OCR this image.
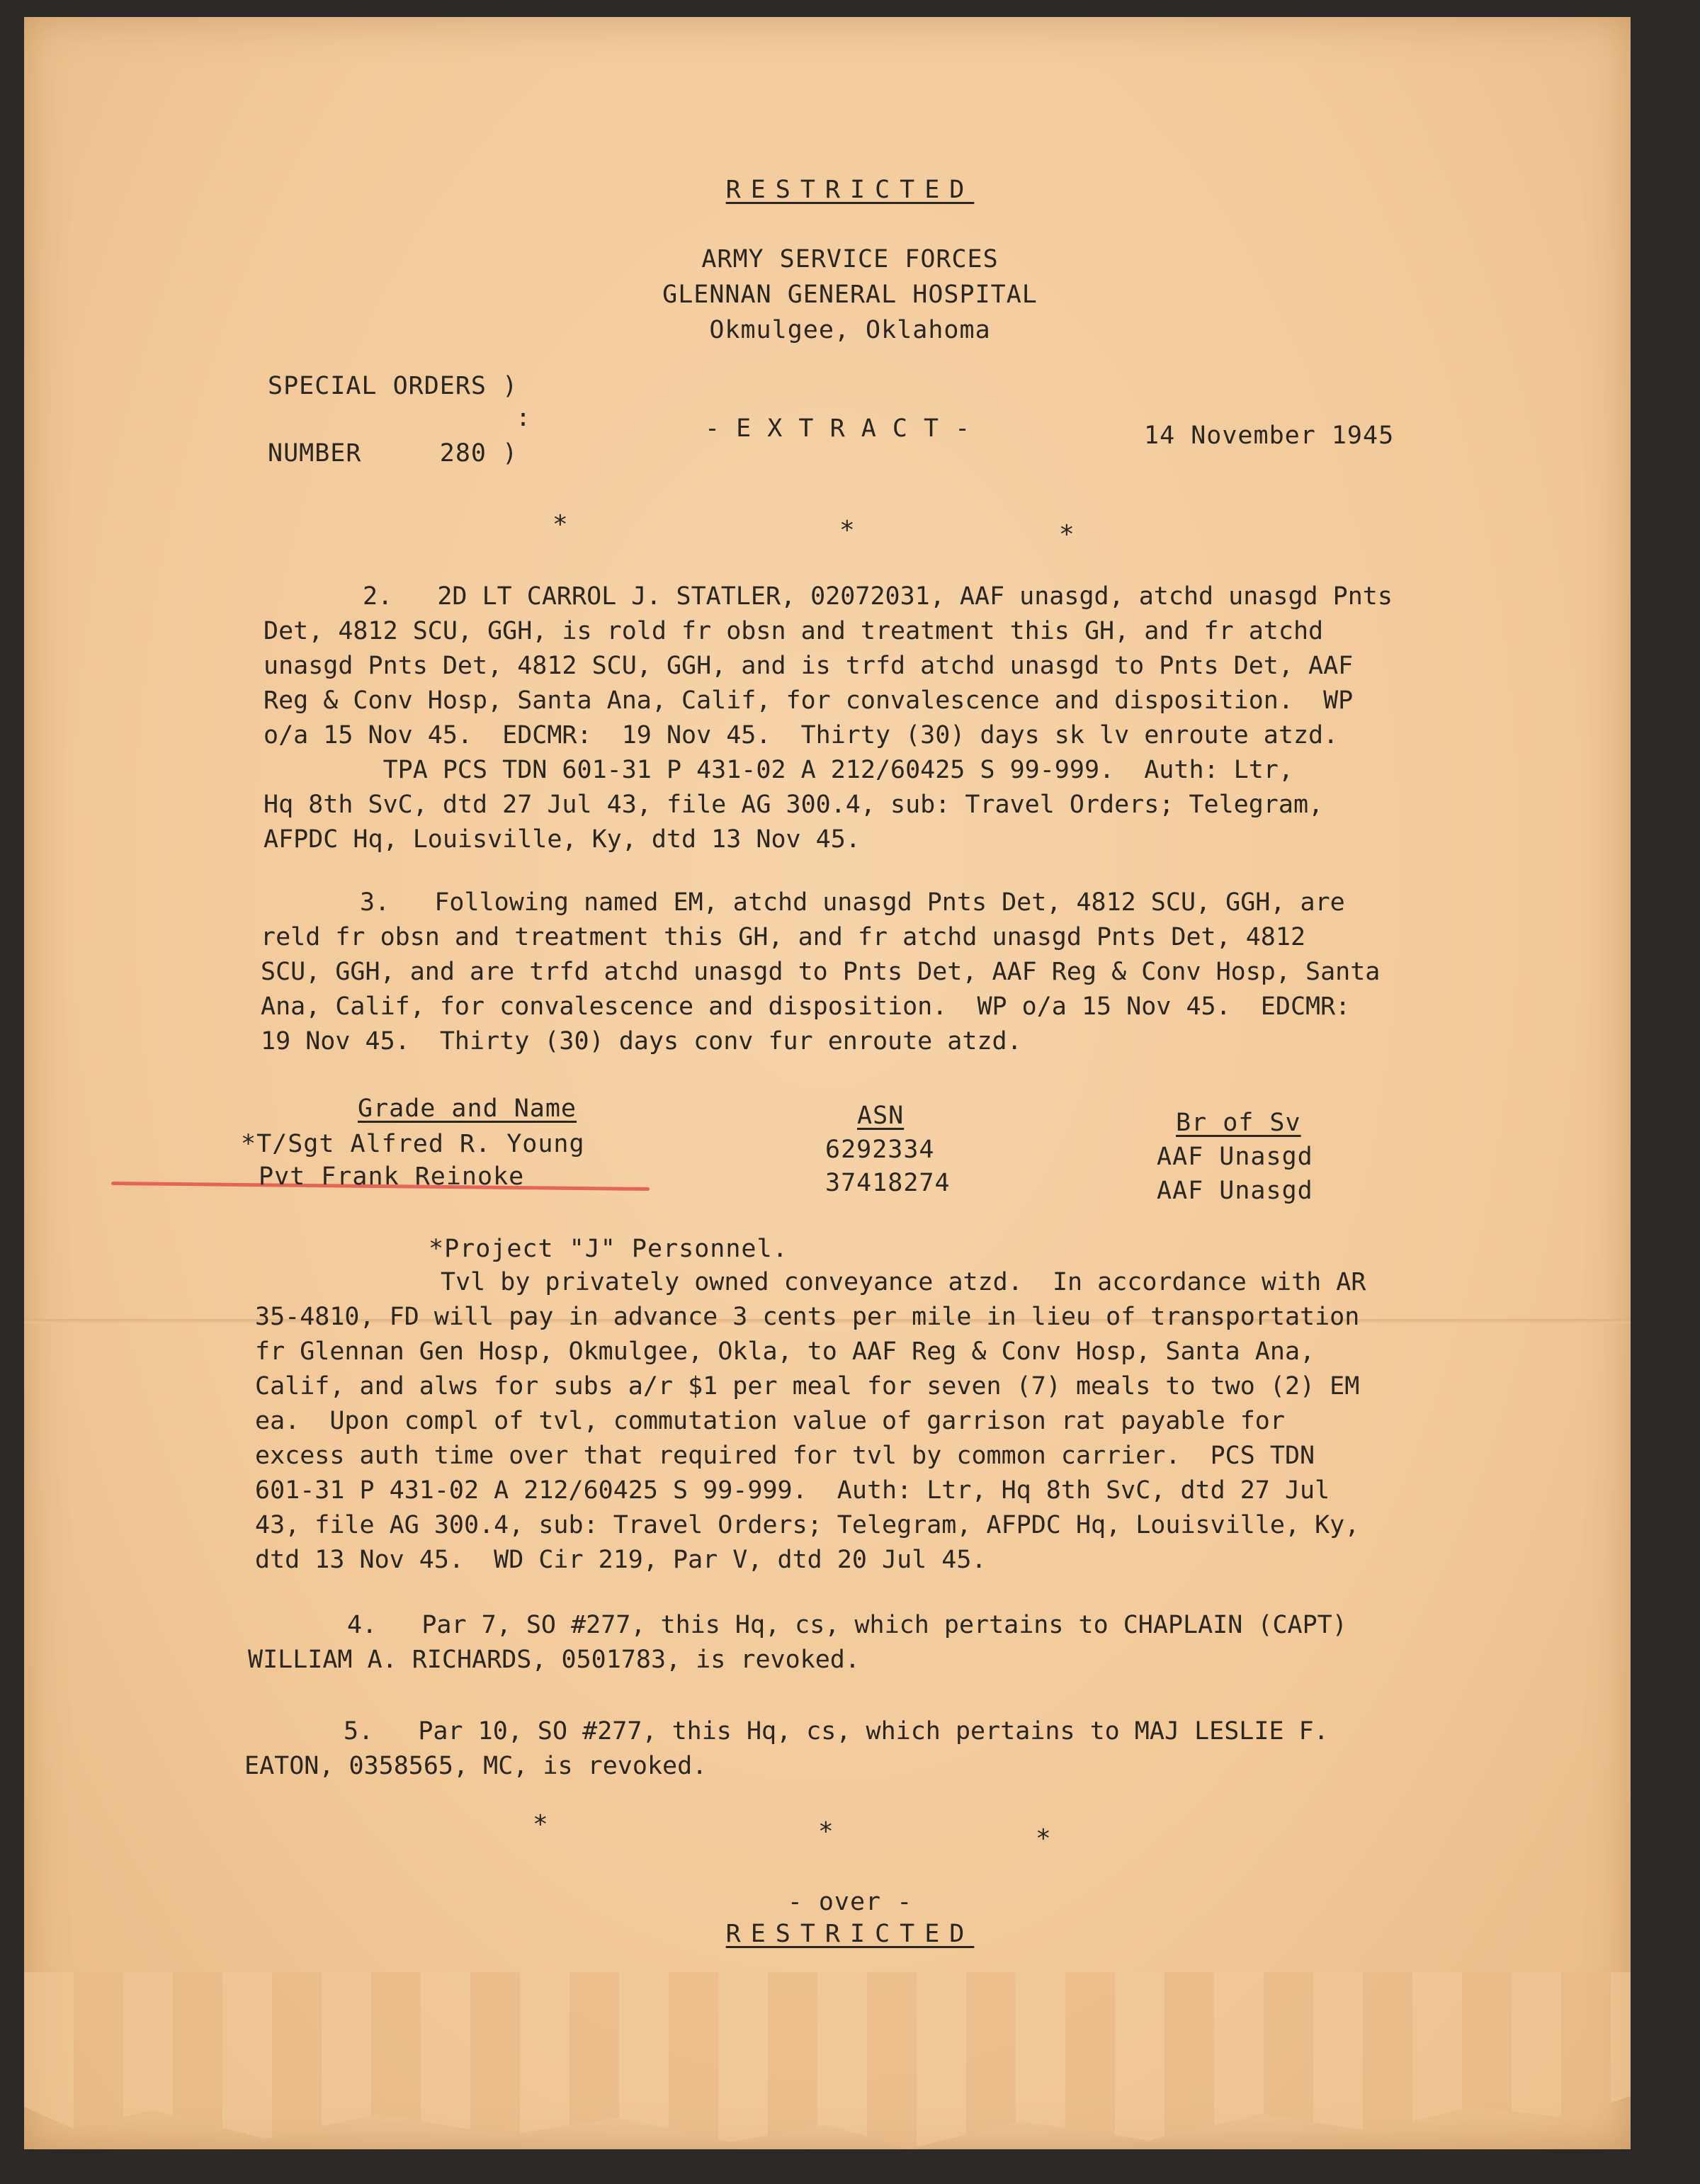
RESTRICTED
ARMY SERVICE FORCES
GLENNAN GENERAL HOSPITAL
Okmulgee, Oklahoma
SPECIAL ORDERS )
:
NUMBER     280 )
- E X T R A C T -	14 November 1945
*	*	*
2.   2D LT CARROL J. STATLER, 02072031, AAF unasgd, atchd unasgd Pnts
Det, 4812 SCU, GGH, is rold fr obsn and treatment this GH, and fr atchd
unasgd Pnts Det, 4812 SCU, GGH, and is trfd atchd unasgd to Pnts Det, AAF
Reg & Conv Hosp, Santa Ana, Calif, for convalescence and disposition.  WP
o/a 15 Nov 45.  EDCMR:  19 Nov 45.  Thirty (30) days sk lv enroute atzd.
TPA PCS TDN 601-31 P 431-02 A 212/60425 S 99-999.  Auth: Ltr,
Hq 8th SvC, dtd 27 Jul 43, file AG 300.4, sub: Travel Orders; Telegram,
AFPDC Hq, Louisville, Ky, dtd 13 Nov 45.
3.   Following named EM, atchd unasgd Pnts Det, 4812 SCU, GGH, are
reld fr obsn and treatment this GH, and fr atchd unasgd Pnts Det, 4812
SCU, GGH, and are trfd atchd unasgd to Pnts Det, AAF Reg & Conv Hosp, Santa
Ana, Calif, for convalescence and disposition.  WP o/a 15 Nov 45.  EDCMR:
19 Nov 45.  Thirty (30) days conv fur enroute atzd.
Grade and Name	ASN	Br of Sv
*T/Sgt Alfred R. Young	6292334	AAF Unasgd
Pvt Frank Reinoke	37418274	AAF Unasgd
*Project "J" Personnel.
Tvl by privately owned conveyance atzd.  In accordance with AR
35-4810, FD will pay in advance 3 cents per mile in lieu of transportation
fr Glennan Gen Hosp, Okmulgee, Okla, to AAF Reg & Conv Hosp, Santa Ana,
Calif, and alws for subs a/r $1 per meal for seven (7) meals to two (2) EM
ea.  Upon compl of tvl, commutation value of garrison rat payable for
excess auth time over that required for tvl by common carrier.  PCS TDN
601-31 P 431-02 A 212/60425 S 99-999.  Auth: Ltr, Hq 8th SvC, dtd 27 Jul
43, file AG 300.4, sub: Travel Orders; Telegram, AFPDC Hq, Louisville, Ky,
dtd 13 Nov 45.  WD Cir 219, Par V, dtd 20 Jul 45.
4.   Par 7, SO #277, this Hq, cs, which pertains to CHAPLAIN (CAPT)
WILLIAM A. RICHARDS, 0501783, is revoked.
5.   Par 10, SO #277, this Hq, cs, which pertains to MAJ LESLIE F.
EATON, 0358565, MC, is revoked.
*	*	*
- over -
RESTRICTED
